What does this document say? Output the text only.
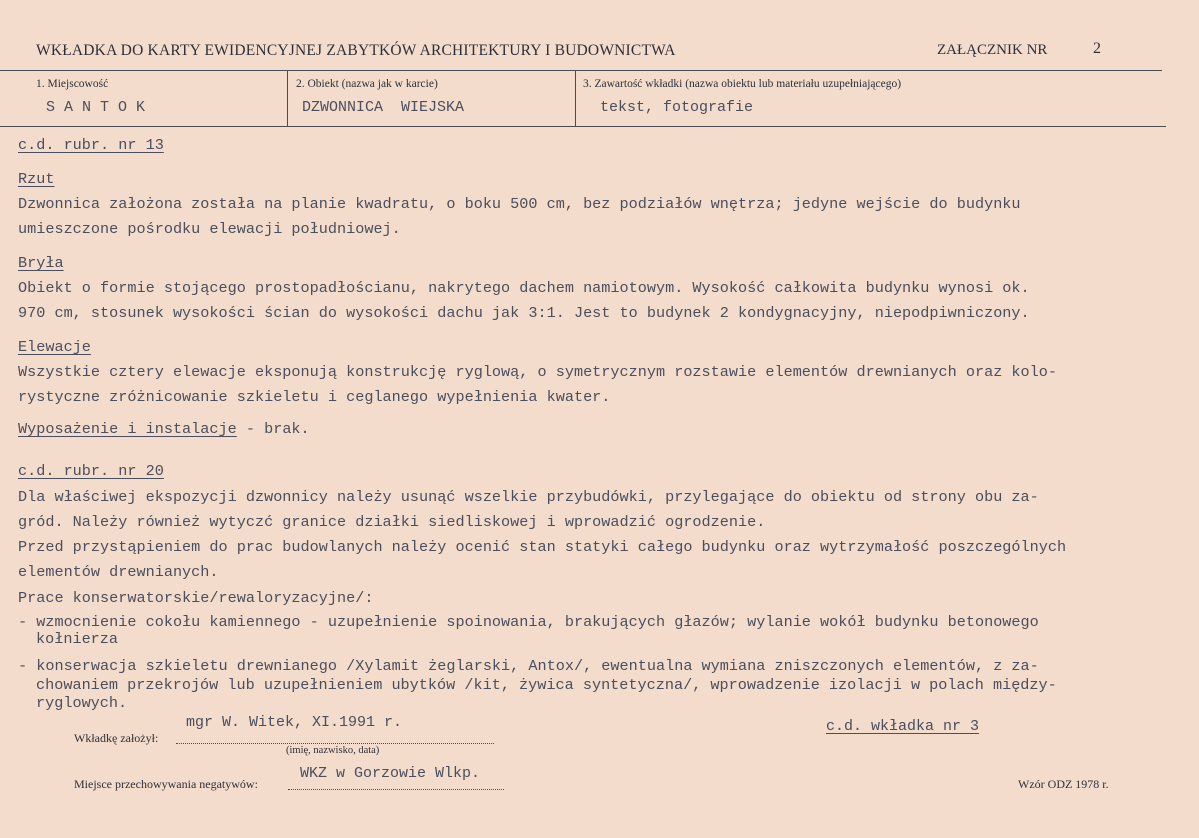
WKŁADKA DO KARTY EWIDENCYJNEJ ZABYTKÓW ARCHITEKTURY I BUDOWNICTWA	ZAŁĄCZNIK NR	2
1. Miejscowość
S A N T O K
2. Obiekt (nazwa jak w karcie)
DZWONNICA  WIEJSKA
3. Zawartość wkładki (nazwa obiektu lub materiału uzupełniającego)
tekst, fotografie
c.d. rubr. nr 13
Rzut
Dzwonnica założona została na planie kwadratu, o boku 500 cm, bez podziałów wnętrza; jedyne wejście do budynku
umieszczone pośrodku elewacji południowej.
Bryła
Obiekt o formie stojącego prostopadłościanu, nakrytego dachem namiotowym. Wysokość całkowita budynku wynosi ok.
970 cm, stosunek wysokości ścian do wysokości dachu jak 3:1. Jest to budynek 2 kondygnacyjny, niepodpiwniczony.
Elewacje
Wszystkie cztery elewacje eksponują konstrukcję ryglową, o symetrycznym rozstawie elementów drewnianych oraz kolo-
rystyczne zróżnicowanie szkieletu i ceglanego wypełnienia kwater.
Wyposażenie i instalacje - brak.
c.d. rubr. nr 20
Dla właściwej ekspozycji dzwonnicy należy usunąć wszelkie przybudówki, przylegające do obiektu od strony obu za-
gród. Należy również wytyczć granice działki siedliskowej i wprowadzić ogrodzenie.
Przed przystąpieniem do prac budowlanych należy ocenić stan statyki całego budynku oraz wytrzymałość poszczególnych
elementów drewnianych.
Prace konserwatorskie/rewaloryzacyjne/:
- wzmocnienie cokołu kamiennego - uzupełnienie spoinowania, brakujących głazów; wylanie wokół budynku betonowego
kołnierza
- konserwacja szkieletu drewnianego /Xylamit żeglarski, Antox/, ewentualna wymiana zniszczonych elementów, z za-
chowaniem przekrojów lub uzupełnieniem ubytków /kit, żywica syntetyczna/, wprowadzenie izolacji w polach między-
ryglowych.
Wkładkę założył:
mgr W. Witek, XI.1991 r.
(imię, nazwisko, data)
c.d. wkładka nr 3
Miejsce przechowywania negatywów:
WKZ w Gorzowie Wlkp.
Wzór ODZ 1978 r.
